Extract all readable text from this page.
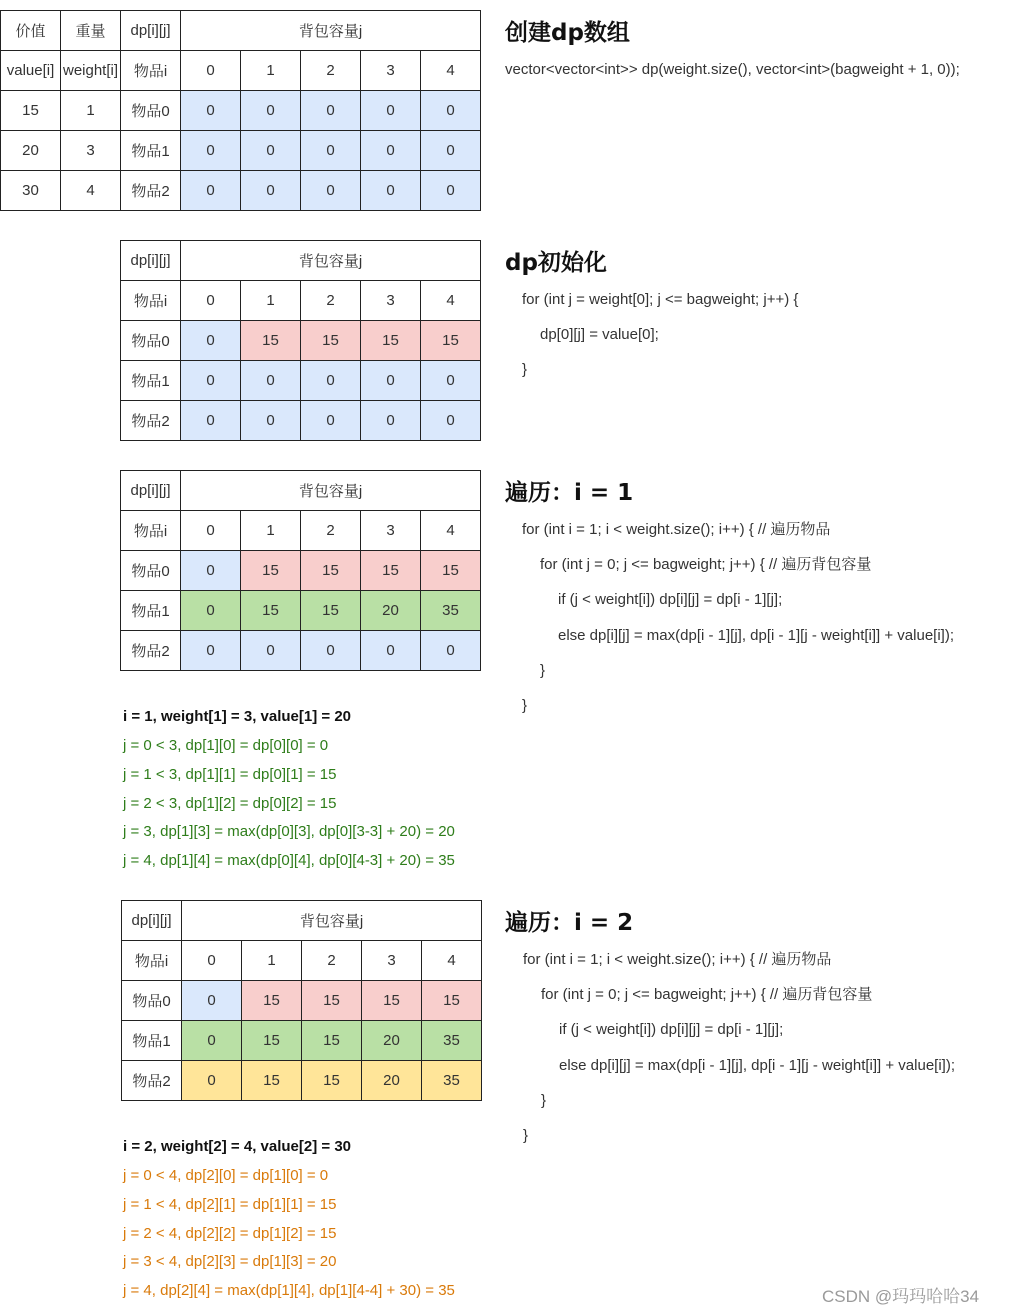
价值	重量	dp[i][j]	背包容量j				
value[i]	weight[i]	物品i	0	1	2	3	4
15	1	物品0	0	0	0	0	0
20	3	物品1	0	0	0	0	0
30	4	物品2	0	0	0	0	0
创建dp数组
vector<vector<int>> dp(weight.size(), vector<int>(bagweight + 1, 0));
dp[i][j]	背包容量j				
物品i	0	1	2	3	4
物品0	0	15	15	15	15
物品1	0	0	0	0	0
物品2	0	0	0	0	0
dp初始化
for (int j = weight[0]; j <= bagweight; j++) {
dp[0][j] = value[0];
}
dp[i][j]	背包容量j				
物品i	0	1	2	3	4
物品0	0	15	15	15	15
物品1	0	15	15	20	35
物品2	0	0	0	0	0
遍历：i = 1
for (int i = 1; i < weight.size(); i++) { // 遍历物品
for (int j = 0; j <= bagweight; j++) { // 遍历背包容量
if (j < weight[i]) dp[i][j] = dp[i - 1][j];
else dp[i][j] = max(dp[i - 1][j], dp[i - 1][j - weight[i]] + value[i]);
}
}
i = 1, weight[1] = 3, value[1] = 20
j = 0 < 3, dp[1][0] = dp[0][0] = 0
j = 1 < 3, dp[1][1] = dp[0][1] = 15
j = 2 < 3, dp[1][2] = dp[0][2] = 15
j = 3, dp[1][3] = max(dp[0][3], dp[0][3-3] + 20) = 20
j = 4, dp[1][4] = max(dp[0][4], dp[0][4-3] + 20) = 35
dp[i][j]	背包容量j				
物品i	0	1	2	3	4
物品0	0	15	15	15	15
物品1	0	15	15	20	35
物品2	0	15	15	20	35
遍历：i = 2
for (int i = 1; i < weight.size(); i++) { // 遍历物品
for (int j = 0; j <= bagweight; j++) { // 遍历背包容量
if (j < weight[i]) dp[i][j] = dp[i - 1][j];
else dp[i][j] = max(dp[i - 1][j], dp[i - 1][j - weight[i]] + value[i]);
}
}
i = 2, weight[2] = 4, value[2] = 30
j = 0 < 4, dp[2][0] = dp[1][0] = 0
j = 1 < 4, dp[2][1] = dp[1][1] = 15
j = 2 < 4, dp[2][2] = dp[1][2] = 15
j = 3 < 4, dp[2][3] = dp[1][3] = 20
j = 4, dp[2][4] = max(dp[1][4], dp[1][4-4] + 30) = 35	CSDN @玛玛哈哈34
